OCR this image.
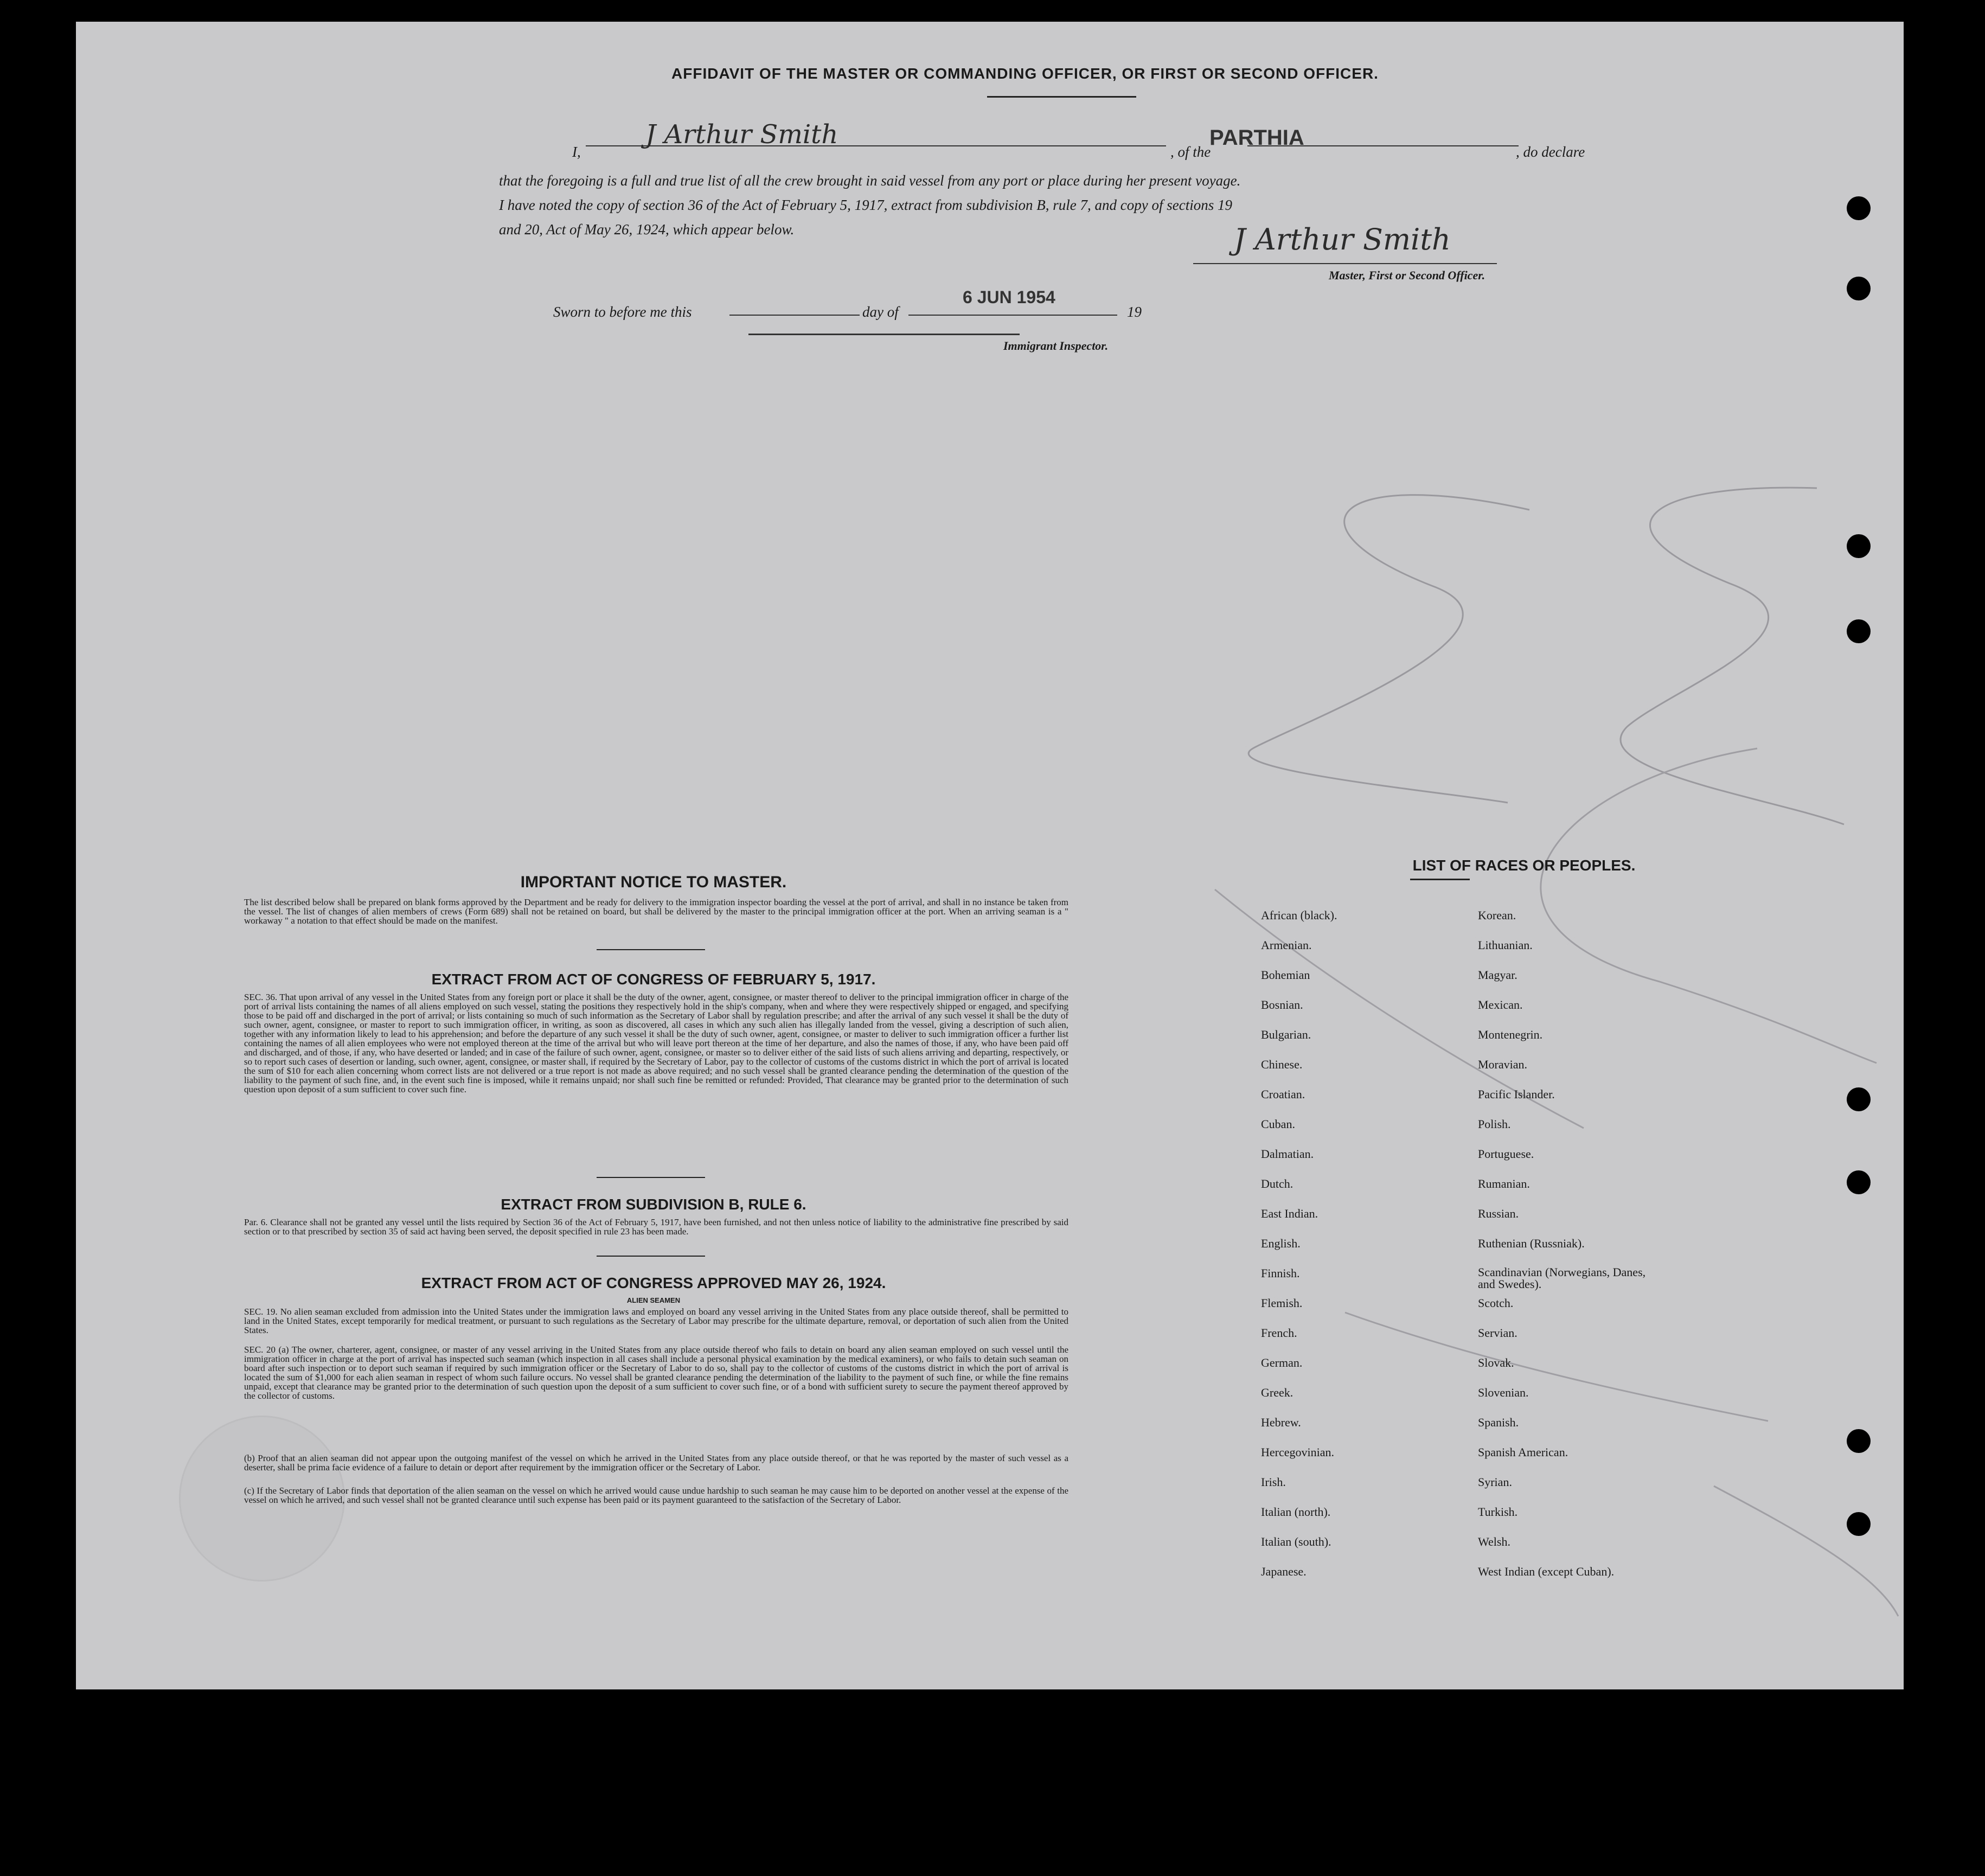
AFFIDAVIT OF THE MASTER OR COMMANDING OFFICER, OR FIRST OR SECOND OFFICER.
I,
J Arthur Smith
, of the
PARTHIA
, do declare
that the foregoing is a full and true list of all the crew brought in said vessel from any port or place during her present voyage.
I have noted the copy of section 36 of the Act of February 5, 1917, extract from subdivision B, rule 7, and copy of sections 19
and 20, Act of May 26, 1924, which appear below.	J Arthur Smith
Master, First or Second Officer.
Sworn to before me this	day of
6 JUN 1954
19
Immigrant Inspector.
IMPORTANT NOTICE TO MASTER.
The list described below shall be prepared on blank forms approved by the Department and be ready for delivery to the immigration inspector boarding the vessel at the port of arrival, and shall in no instance be taken from the vessel. The list of changes of alien members of crews (Form 689) shall not be retained on board, but shall be delivered by the master to the principal immigration officer at the port. When an arriving seaman is a " workaway " a notation to that effect should be made on the manifest.
EXTRACT FROM ACT OF CONGRESS OF FEBRUARY 5, 1917.
SEC. 36. That upon arrival of any vessel in the United States from any foreign port or place it shall be the duty of the owner, agent, consignee, or master thereof to deliver to the principal immigration officer in charge of the port of arrival lists containing the names of all aliens employed on such vessel, stating the positions they respectively hold in the ship's company, when and where they were respectively shipped or engaged, and specifying those to be paid off and discharged in the port of arrival; or lists containing so much of such information as the Secretary of Labor shall by regulation prescribe; and after the arrival of any such vessel it shall be the duty of such owner, agent, consignee, or master to report to such immigration officer, in writing, as soon as discovered, all cases in which any such alien has illegally landed from the vessel, giving a description of such alien, together with any information likely to lead to his apprehension; and before the departure of any such vessel it shall be the duty of such owner, agent, consignee, or master to deliver to such immigration officer a further list containing the names of all alien employees who were not employed thereon at the time of the arrival but who will leave port thereon at the time of her departure, and also the names of those, if any, who have been paid off and discharged, and of those, if any, who have deserted or landed; and in case of the failure of such owner, agent, consignee, or master so to deliver either of the said lists of such aliens arriving and departing, respectively, or so to report such cases of desertion or landing, such owner, agent, consignee, or master shall, if required by the Secretary of Labor, pay to the collector of customs of the customs district in which the port of arrival is located the sum of $10 for each alien concerning whom correct lists are not delivered or a true report is not made as above required; and no such vessel shall be granted clearance pending the determination of the question of the liability to the payment of such fine, and, in the event such fine is imposed, while it remains unpaid; nor shall such fine be remitted or refunded: Provided, That clearance may be granted prior to the determination of such question upon deposit of a sum sufficient to cover such fine.
EXTRACT FROM SUBDIVISION B, RULE 6.
Par. 6. Clearance shall not be granted any vessel until the lists required by Section 36 of the Act of February 5, 1917, have been furnished, and not then unless notice of liability to the administrative fine prescribed by said section or to that prescribed by section 35 of said act having been served, the deposit specified in rule 23 has been made.
EXTRACT FROM ACT OF CONGRESS APPROVED MAY 26, 1924.
ALIEN SEAMEN
SEC. 19. No alien seaman excluded from admission into the United States under the immigration laws and employed on board any vessel arriving in the United States from any place outside thereof, shall be permitted to land in the United States, except temporarily for medical treatment, or pursuant to such regulations as the Secretary of Labor may prescribe for the ultimate departure, removal, or deportation of such alien from the United States.
SEC. 20 (a) The owner, charterer, agent, consignee, or master of any vessel arriving in the United States from any place outside thereof who fails to detain on board any alien seaman employed on such vessel until the immigration officer in charge at the port of arrival has inspected such seaman (which inspection in all cases shall include a personal physical examination by the medical examiners), or who fails to detain such seaman on board after such inspection or to deport such seaman if required by such immigration officer or the Secretary of Labor to do so, shall pay to the collector of customs of the customs district in which the port of arrival is located the sum of $1,000 for each alien seaman in respect of whom such failure occurs. No vessel shall be granted clearance pending the determination of the liability to the payment of such fine, or while the fine remains unpaid, except that clearance may be granted prior to the determination of such question upon the deposit of a sum sufficient to cover such fine, or of a bond with sufficient surety to secure the payment thereof approved by the collector of customs.
(b) Proof that an alien seaman did not appear upon the outgoing manifest of the vessel on which he arrived in the United States from any place outside thereof, or that he was reported by the master of such vessel as a deserter, shall be prima facie evidence of a failure to detain or deport after requirement by the immigration officer or the Secretary of Labor.
(c) If the Secretary of Labor finds that deportation of the alien seaman on the vessel on which he arrived would cause undue hardship to such seaman he may cause him to be deported on another vessel at the expense of the vessel on which he arrived, and such vessel shall not be granted clearance until such expense has been paid or its payment guaranteed to the satisfaction of the Secretary of Labor.
LIST OF RACES OR PEOPLES.
African (black).
Armenian.
Bohemian
Bosnian.
Bulgarian.
Chinese.
Croatian.
Cuban.
Dalmatian.
Dutch.
East Indian.
English.
Finnish.
Flemish.
French.
German.
Greek.
Hebrew.
Hercegovinian.
Irish.
Italian (north).
Italian (south).
Japanese.
Korean.
Lithuanian.
Magyar.
Mexican.
Montenegrin.
Moravian.
Pacific Islander.
Polish.
Portuguese.
Rumanian.
Russian.
Ruthenian (Russniak).
Scandinavian (Norwegians, Danes, and Swedes).
Scotch.
Servian.
Slovak.
Slovenian.
Spanish.
Spanish American.
Syrian.
Turkish.
Welsh.
West Indian (except Cuban).
